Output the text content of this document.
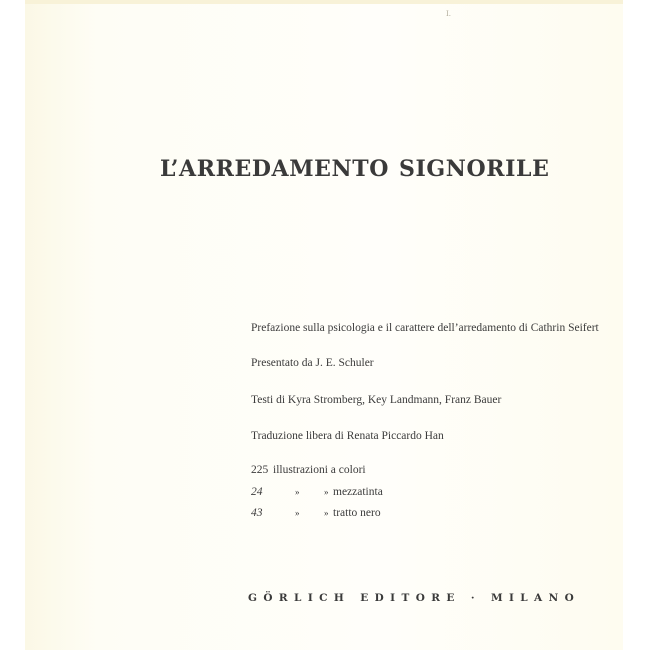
I.
L’ARREDAMENTO SIGNORILE
Prefazione sulla psicologia e il carattere dell’arredamento di Cathrin Seifert
Presentato da J. E. Schuler
Testi di Kyra Stromberg, Key Landmann, Franz Bauer
Traduzione libera di Renata Piccardo Han
225 illustrazioni a colori
24	»	» mezzatinta
43	»	» tratto nero
GÖRLICH EDITORE · MILANO
